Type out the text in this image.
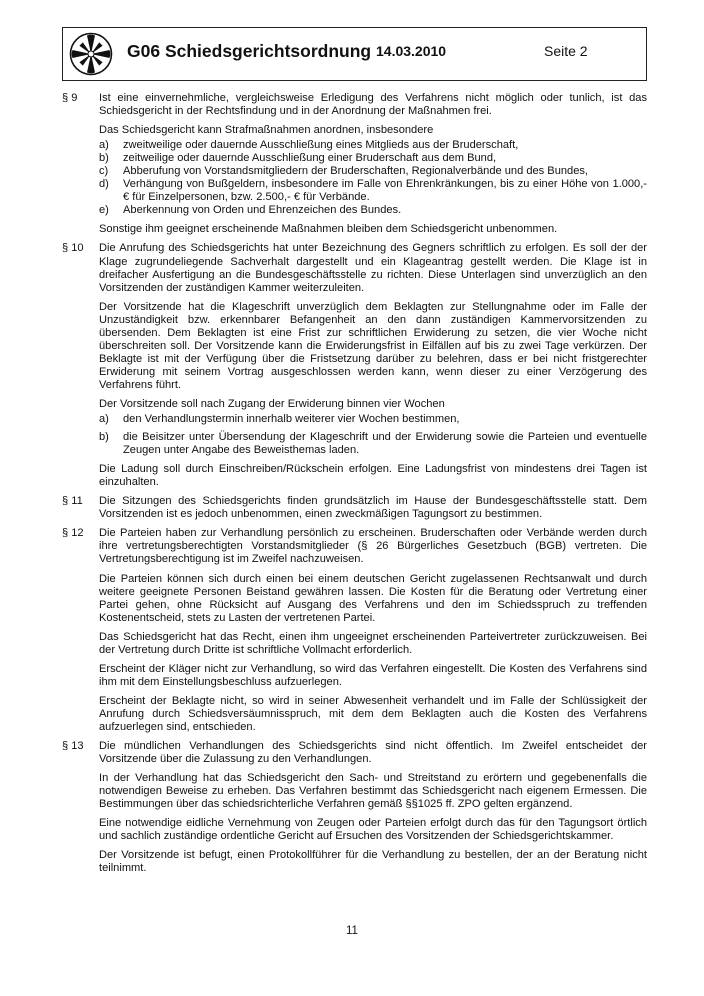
G06 Schiedsgerichtsordnung 14.03.2010	Seite 2
§ 9 Ist eine einvernehmliche, vergleichsweise Erledigung des Verfahrens nicht möglich oder tunlich, ist das Schiedsgericht in der Rechtsfindung und in der Anordnung der Maßnahmen frei.

Das Schiedsgericht kann Strafmaßnahmen anordnen, insbesondere

a) zweitweilige oder dauernde Ausschließung eines Mitglieds aus der Bruderschaft,
b) zeitweilige oder dauernde Ausschließung einer Bruderschaft aus dem Bund,
c) Abberufung von Vorstandsmitgliedern der Bruderschaften, Regionalverbände und des Bundes,
d) Verhängung von Bußgeldern, insbesondere im Falle von Ehrenkränkungen, bis zu einer Höhe von 1.000,- € für Einzelpersonen, bzw. 2.500,- € für Verbände.
e) Aberkennung von Orden und Ehrenzeichen des Bundes.

Sonstige ihm geeignet erscheinende Maßnahmen bleiben dem Schiedsgericht unbenommen.

§ 10 Die Anrufung des Schiedsgerichts hat unter Bezeichnung des Gegners schriftlich zu erfolgen. Es soll der der Klage zugrundeliegende Sachverhalt dargestellt und ein Klageantrag gestellt werden. Die Klage ist in dreifacher Ausfertigung an die Bundesgeschäftsstelle zu richten. Diese Unterlagen sind unverzüglich an den Vorsitzenden der zuständigen Kammer weiterzuleiten.

Der Vorsitzende hat die Klageschrift unverzüglich dem Beklagten zur Stellungnahme oder im Falle der Unzuständigkeit bzw. erkennbarer Befangenheit an den dann zuständigen Kammervorsitzenden zu übersenden. Dem Beklagten ist eine Frist zur schriftlichen Erwiderung zu setzen, die vier Woche nicht überschreiten soll. Der Vorsitzende kann die Erwiderungsfrist in Eilfällen auf bis zu zwei Tage verkürzen. Der Beklagte ist mit der Verfügung über die Fristsetzung darüber zu belehren, dass er bei nicht fristgerechter Erwiderung mit seinem Vortrag ausgeschlossen werden kann, wenn dieser zu einer Verzögerung des Verfahrens führt.

Der Vorsitzende soll nach Zugang der Erwiderung binnen vier Wochen

a) den Verhandlungstermin innerhalb weiterer vier Wochen bestimmen,
b) die Beisitzer unter Übersendung der Klageschrift und der Erwiderung sowie die Parteien und eventuelle Zeugen unter Angabe des Beweisthemas laden.

Die Ladung soll durch Einschreiben/Rückschein erfolgen. Eine Ladungsfrist von mindestens drei Tagen ist einzuhalten.

§ 11 Die Sitzungen des Schiedsgerichts finden grundsätzlich im Hause der Bundesgeschäftsstelle statt. Dem Vorsitzenden ist es jedoch unbenommen, einen zweckmäßigen Tagungsort zu bestimmen.

§ 12 Die Parteien haben zur Verhandlung persönlich zu erscheinen. Bruderschaften oder Verbände werden durch ihre vertretungsberechtigten Vorstandsmitglieder (§ 26 Bürgerliches Gesetzbuch (BGB) vertreten. Die Vertretungsberechtigung ist im Zweifel nachzuweisen.

Die Parteien können sich durch einen bei einem deutschen Gericht zugelassenen Rechtsanwalt und durch weitere geeignete Personen Beistand gewähren lassen. Die Kosten für die Beratung oder Vertretung einer Partei gehen, ohne Rücksicht auf Ausgang des Verfahrens und den im Schiedsspruch zu treffenden Kostenentscheid, stets zu Lasten der vertretenen Partei.

Das Schiedsgericht hat das Recht, einen ihm ungeeignet erscheinenden Parteivertreter zurückzuweisen. Bei der Vertretung durch Dritte ist schriftliche Vollmacht erforderlich.

Erscheint der Kläger nicht zur Verhandlung, so wird das Verfahren eingestellt. Die Kosten des Verfahrens sind ihm mit dem Einstellungsbeschluss aufzuerlegen.

Erscheint der Beklagte nicht, so wird in seiner Abwesenheit verhandelt und im Falle der Schlüssigkeit der Anrufung durch Schiedsversäumnisspruch, mit dem dem Beklagten auch die Kosten des Verfahrens aufzuerlegen sind, entschieden.

§ 13 Die mündlichen Verhandlungen des Schiedsgerichts sind nicht öffentlich. Im Zweifel entscheidet der Vorsitzende über die Zulassung zu den Verhandlungen.

In der Verhandlung hat das Schiedsgericht den Sach- und Streitstand zu erörtern und gegebenenfalls die notwendigen Beweise zu erheben. Das Verfahren bestimmt das Schiedsgericht nach eigenem Ermessen. Die Bestimmungen über das schiedsrichterliche Verfahren gemäß §§1025 ff. ZPO gelten ergänzend.

Eine notwendige eidliche Vernehmung von Zeugen oder Parteien erfolgt durch das für den Tagungsort örtlich und sachlich zuständige ordentliche Gericht auf Ersuchen des Vorsitzenden der Schiedsgerichtskammer.

Der Vorsitzende ist befugt, einen Protokollführer für die Verhandlung zu bestellen, der an der Beratung nicht teilnimmt.

11
